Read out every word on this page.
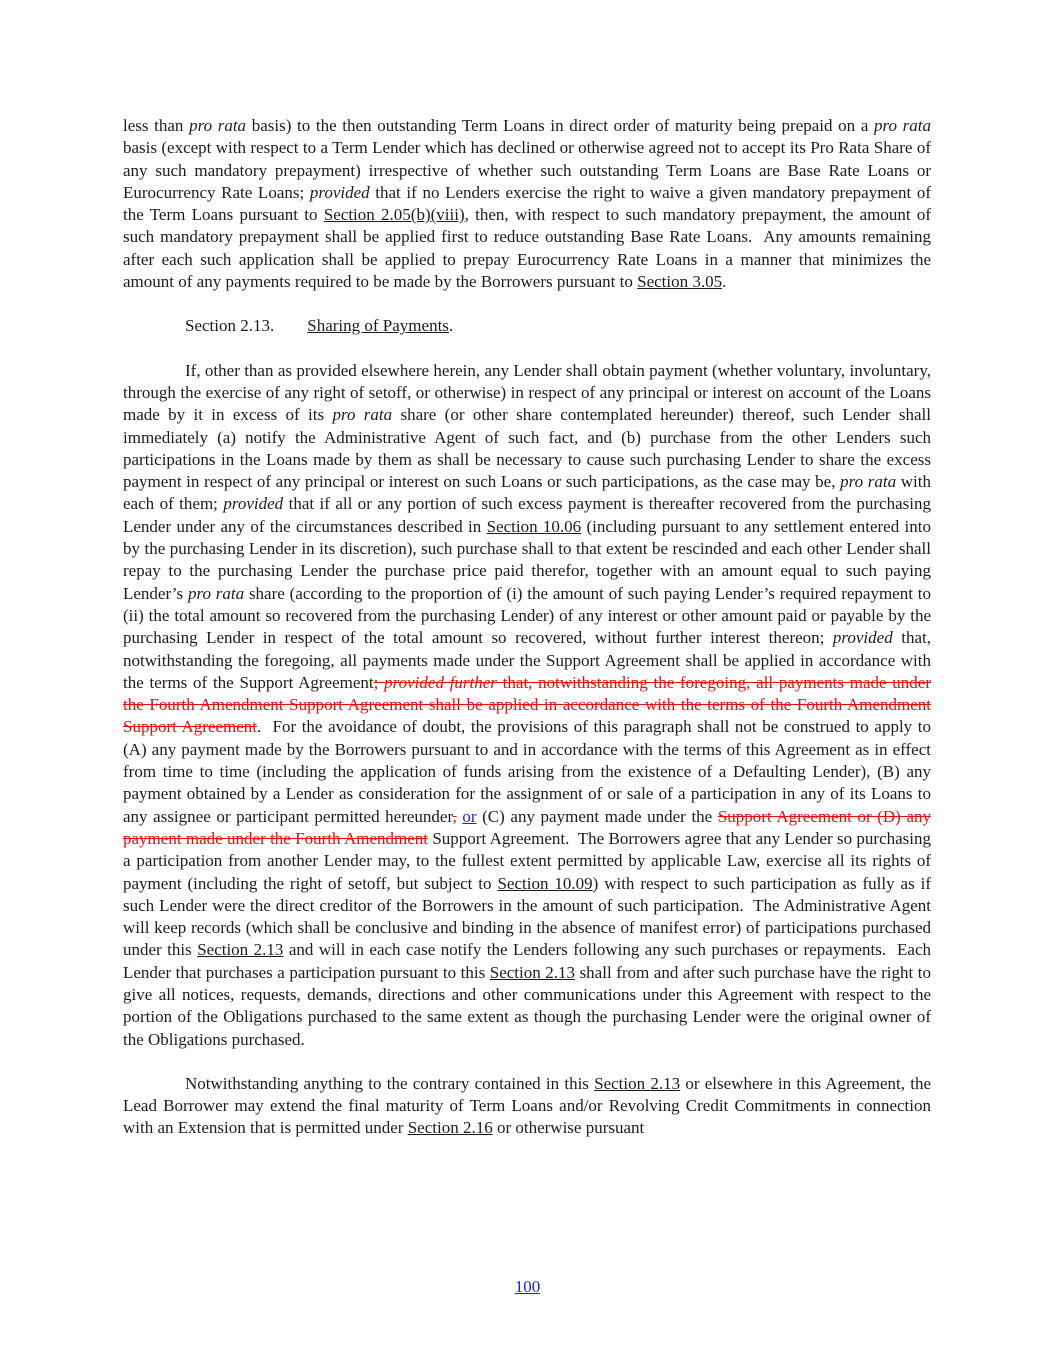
less than pro rata basis) to the then outstanding Term Loans in direct order of maturity being prepaid on a pro rata basis (except with respect to a Term Lender which has declined or otherwise agreed not to accept its Pro Rata Share of any such mandatory prepayment) irrespective of whether such outstanding Term Loans are Base Rate Loans or Eurocurrency Rate Loans; provided that if no Lenders exercise the right to waive a given mandatory prepayment of the Term Loans pursuant to Section 2.05(b)(viii), then, with respect to such mandatory prepayment, the amount of such mandatory prepayment shall be applied first to reduce outstanding Base Rate Loans.  Any amounts remaining after each such application shall be applied to prepay Eurocurrency Rate Loans in a manner that minimizes the amount of any payments required to be made by the Borrowers pursuant to Section 3.05.

Section 2.13. Sharing of Payments.

If, other than as provided elsewhere herein, any Lender shall obtain payment (whether voluntary, involuntary, through the exercise of any right of setoff, or otherwise) in respect of any principal or interest on account of the Loans made by it in excess of its pro rata share (or other share contemplated hereunder) thereof, such Lender shall immediately (a) notify the Administrative Agent of such fact, and (b) purchase from the other Lenders such participations in the Loans made by them as shall be necessary to cause such purchasing Lender to share the excess payment in respect of any principal or interest on such Loans or such participations, as the case may be, pro rata with each of them; provided that if all or any portion of such excess payment is thereafter recovered from the purchasing Lender under any of the circumstances described in Section 10.06 (including pursuant to any settlement entered into by the purchasing Lender in its discretion), such purchase shall to that extent be rescinded and each other Lender shall repay to the purchasing Lender the purchase price paid therefor, together with an amount equal to such paying Lender’s pro rata share (according to the proportion of (i) the amount of such paying Lender’s required repayment to (ii) the total amount so recovered from the purchasing Lender) of any interest or other amount paid or payable by the purchasing Lender in respect of the total amount so recovered, without further interest thereon; provided that, notwithstanding the foregoing, all payments made under the Support Agreement shall be applied in accordance with the terms of the Support Agreement; provided further that, notwithstanding the foregoing, all payments made under the Fourth Amendment Support Agreement shall be applied in accordance with the terms of the Fourth Amendment Support Agreement.  For the avoidance of doubt, the provisions of this paragraph shall not be construed to apply to (A) any payment made by the Borrowers pursuant to and in accordance with the terms of this Agreement as in effect from time to time (including the application of funds arising from the existence of a Defaulting Lender), (B) any payment obtained by a Lender as consideration for the assignment of or sale of a participation in any of its Loans to any assignee or participant permitted hereunder, or (C) any payment made under the Support Agreement or (D) any payment made under the Fourth Amendment Support Agreement.  The Borrowers agree that any Lender so purchasing a participation from another Lender may, to the fullest extent permitted by applicable Law, exercise all its rights of payment (including the right of setoff, but subject to Section 10.09) with respect to such participation as fully as if such Lender were the direct creditor of the Borrowers in the amount of such participation.  The Administrative Agent will keep records (which shall be conclusive and binding in the absence of manifest error) of participations purchased under this Section 2.13 and will in each case notify the Lenders following any such purchases or repayments.  Each Lender that purchases a participation pursuant to this Section 2.13 shall from and after such purchase have the right to give all notices, requests, demands, directions and other communications under this Agreement with respect to the portion of the Obligations purchased to the same extent as though the purchasing Lender were the original owner of the Obligations purchased.

Notwithstanding anything to the contrary contained in this Section 2.13 or elsewhere in this Agreement, the Lead Borrower may extend the final maturity of Term Loans and/or Revolving Credit Commitments in connection with an Extension that is permitted under Section 2.16 or otherwise pursuant

100
